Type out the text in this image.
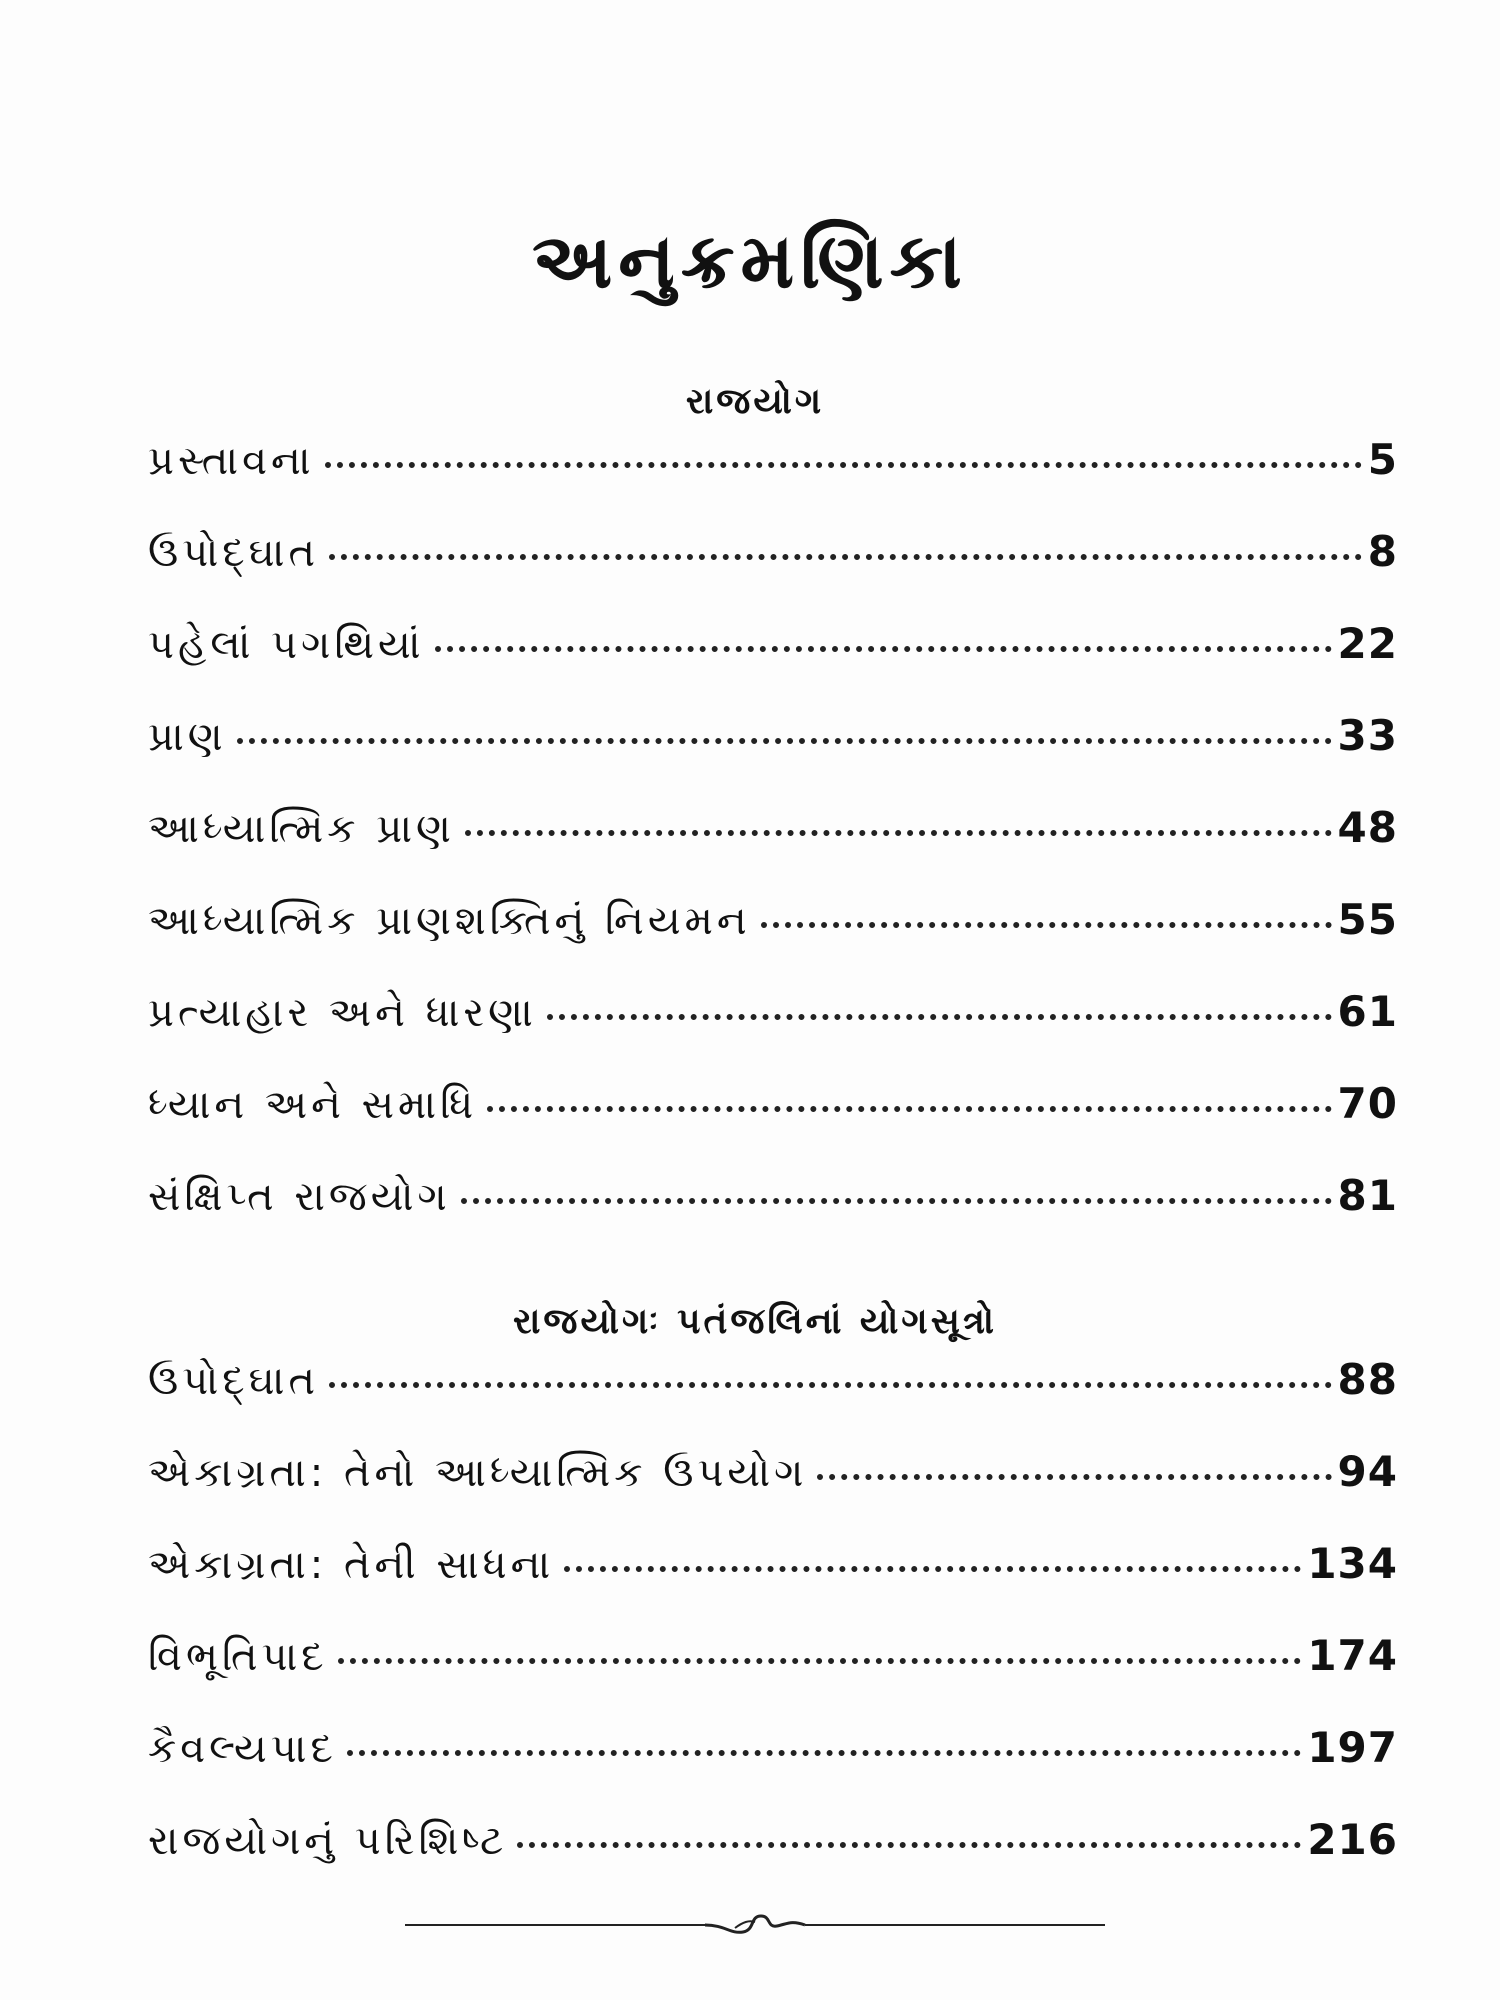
અનુક્રમણિકા
રાજયોગ
પ્રસ્તાવના	5
ઉપોદ્ઘાત	8
પહેલાં પગથિયાં	22
પ્રાણ	33
આધ્યાત્મિક પ્રાણ	48
આધ્યાત્મિક પ્રાણશક્તિનું નિયમન	55
પ્રત્યાહાર અને ધારણા	61
ધ્યાન અને સમાધિ	70
સંક્ષિપ્ત રાજયોગ	81
રાજયોગઃ પતંજલિનાં યોગસૂત્રો
ઉપોદ્ઘાત	88
એકાગ્રતા: તેનો આધ્યાત્મિક ઉપયોગ	94
એકાગ્રતા: તેની સાધના	134
વિભૂતિપાદ	174
કૈવલ્યપાદ	197
રાજયોગનું પરિશિષ્ટ	216
